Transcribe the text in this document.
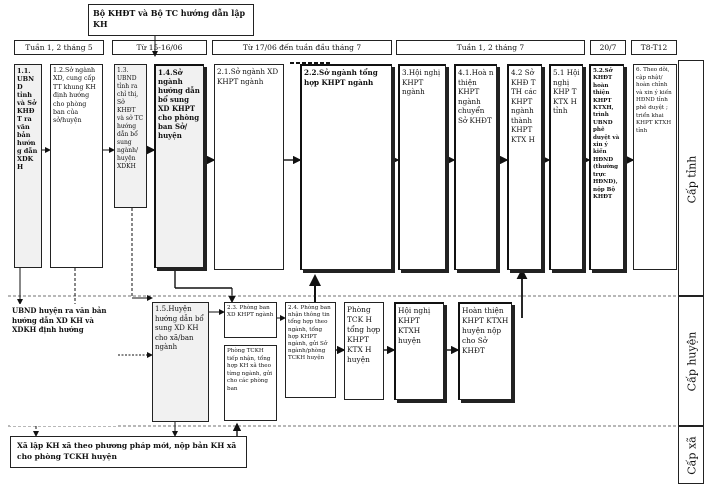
Bộ KHĐT và Bộ TC hướng dẫn lập KH
Tuần 1, 2 tháng 5	Từ 15-16/06	Từ 17/06 đến tuần đầu tháng 7	Tuần 1, 2 tháng 7	20/7	T8-T12
Cấp tỉnh
Cấp huyện
Cấp xã
1.1. UBND tỉnh và Sở KHĐ T ra văn bản hướng dẫn XDK H
1.2.Sở ngành XD, cung cấp TT khung KH định hướng cho phòng ban của sở/huyện
1.3. UBND tỉnh ra chỉ thị, Sở KHĐT và sở TC hướng dẫn bổ sung ngành/ huyện XDKH
1.4.Sở ngành hướng dẫn bổ sung XD KHPT cho phòng ban Sở/ huyện
2.1.Sở ngành XD KHPT ngành
2.2.Sở ngành tổng hợp KHPT ngành
3.Hội nghị KHPT ngành
4.1.Hoà n thiện KHPT ngành chuyển Sở KHĐT
4.2 Sở KHĐ T TH các KHPT ngành thành KHPT KTX H
5.1 Hội nghị KHP T KTX H tỉnh
5.2.Sở KHĐT hoàn thiện KHPT KTXH, trình UBND phê duyệt và xin ý kiến HĐND (thường trực HĐND), nộp Bộ KHĐT
6. Theo dõi, cập nhật/ hoàn chỉnh và xin ý kiến HĐND tỉnh phê duyệt ; triển khai KHPT KTXH tỉnh
UBND huyện ra văn bản hướng dẫn XD KH và XDKH định hướng
1.5.Huyện hướng dẫn bổ sung XD KH cho xã/ban ngành
2.3. Phòng ban XD KHPT ngành
Phòng TCKH tiếp nhận, tổng hợp KH xã theo từng ngành, gửi cho các phòng ban
2.4. Phòng ban nhận thông tin tổng hợp theo ngành, tổng hợp KHPT ngành, gửi Sở ngành/phòng TCKH huyện
Phòng TCK H tổng hợp KHPT KTX H huyện
Hội nghị KHPT KTXH huyện
Hoàn thiện KHPT KTXH huyện nộp cho Sở KHĐT
Xã lập KH xã theo phương pháp mới, nộp bản KH xã cho phòng TCKH huyện
